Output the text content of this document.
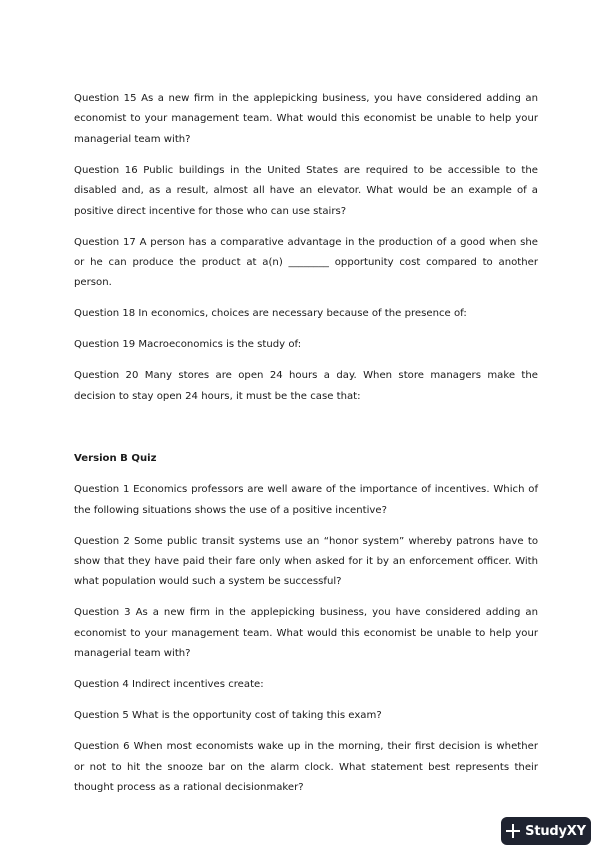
Question 15 As a new firm in the applepicking business, you have considered adding an economist to your management team. What would this economist be unable to help your managerial team with?

Question 16 Public buildings in the United States are required to be accessible to the disabled and, as a result, almost all have an elevator. What would be an example of a positive direct incentive for those who can use stairs?

Question 17 A person has a comparative advantage in the production of a good when she or he can produce the product at a(n) ________ opportunity cost compared to another person.

Question 18 In economics, choices are necessary because of the presence of:

Question 19 Macroeconomics is the study of:

Question 20 Many stores are open 24 hours a day. When store managers make the decision to stay open 24 hours, it must be the case that:

Version B Quiz

Question 1 Economics professors are well aware of the importance of incentives. Which of the following situations shows the use of a positive incentive?

Question 2 Some public transit systems use an “honor system” whereby patrons have to show that they have paid their fare only when asked for it by an enforcement officer. With what population would such a system be successful?

Question 3 As a new firm in the applepicking business, you have considered adding an economist to your management team. What would this economist be unable to help your managerial team with?

Question 4 Indirect incentives create:

Question 5 What is the opportunity cost of taking this exam?

Question 6 When most economists wake up in the morning, their first decision is whether or not to hit the snooze bar on the alarm clock. What statement best represents their thought process as a rational decisionmaker?

StudyXY
